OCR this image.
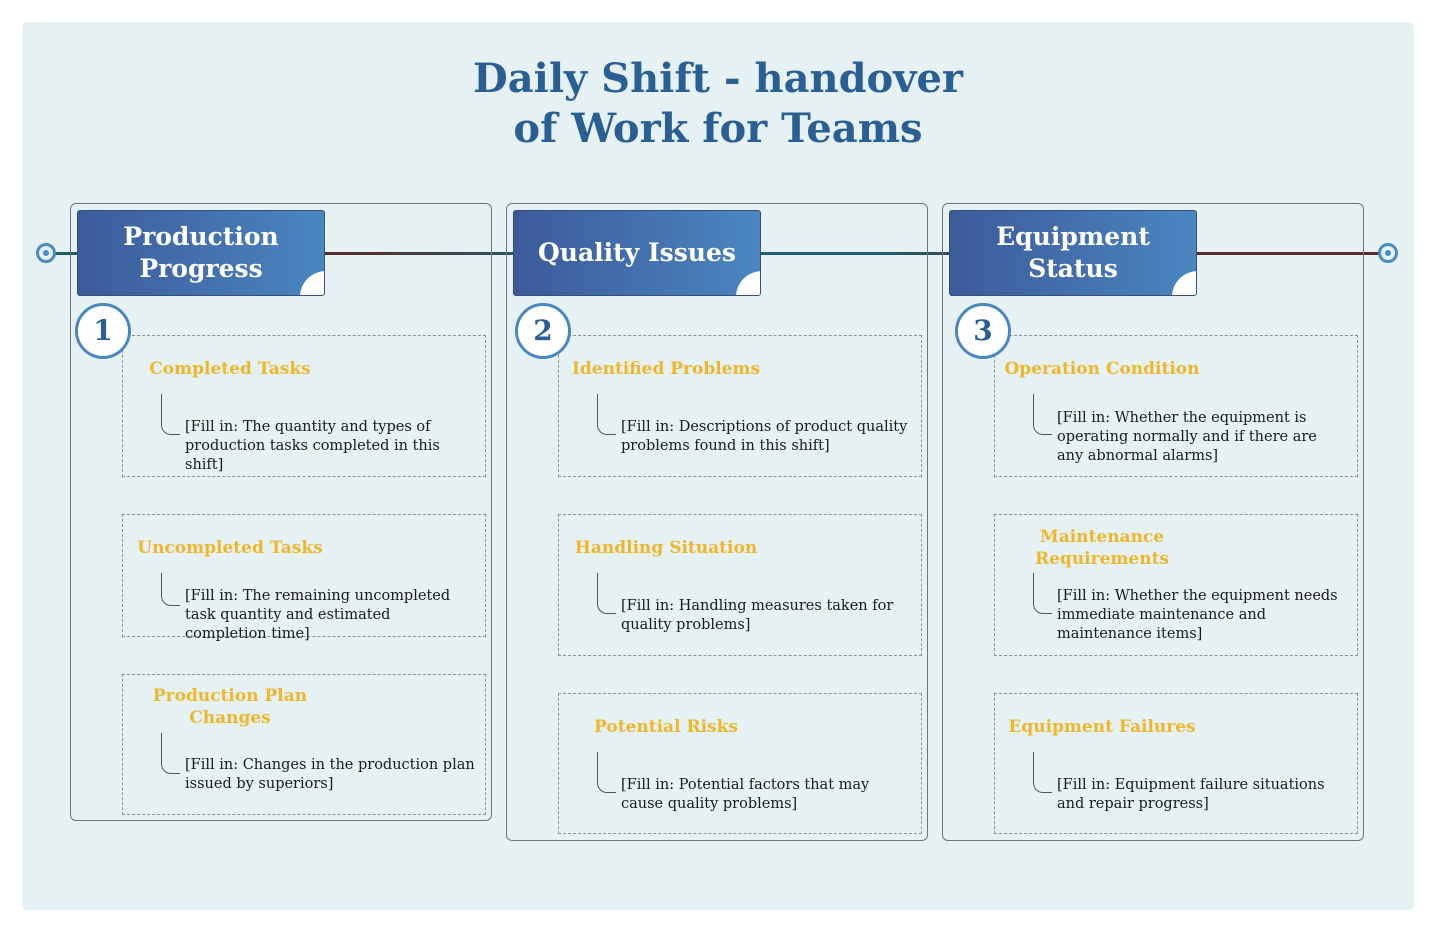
Daily Shift - handover
of Work for Teams
Production
Progress
1
Completed Tasks
[Fill in: The quantity and types of production tasks completed in this shift]
Uncompleted Tasks
[Fill in: The remaining uncompleted task quantity and estimated completion time]
Production Plan Changes
[Fill in: Changes in the production plan issued by superiors]
Quality Issues
2
Identified Problems
[Fill in: Descriptions of product quality problems found in this shift]
Handling Situation
[Fill in: Handling measures taken for quality problems]
Potential Risks
[Fill in: Potential factors that may cause quality problems]
Equipment
Status
3
Operation Condition
[Fill in: Whether the equipment is operating normally and if there are any abnormal alarms]
Maintenance Requirements
[Fill in: Whether the equipment needs immediate maintenance and maintenance items]
Equipment Failures
[Fill in: Equipment failure situations and repair progress]
